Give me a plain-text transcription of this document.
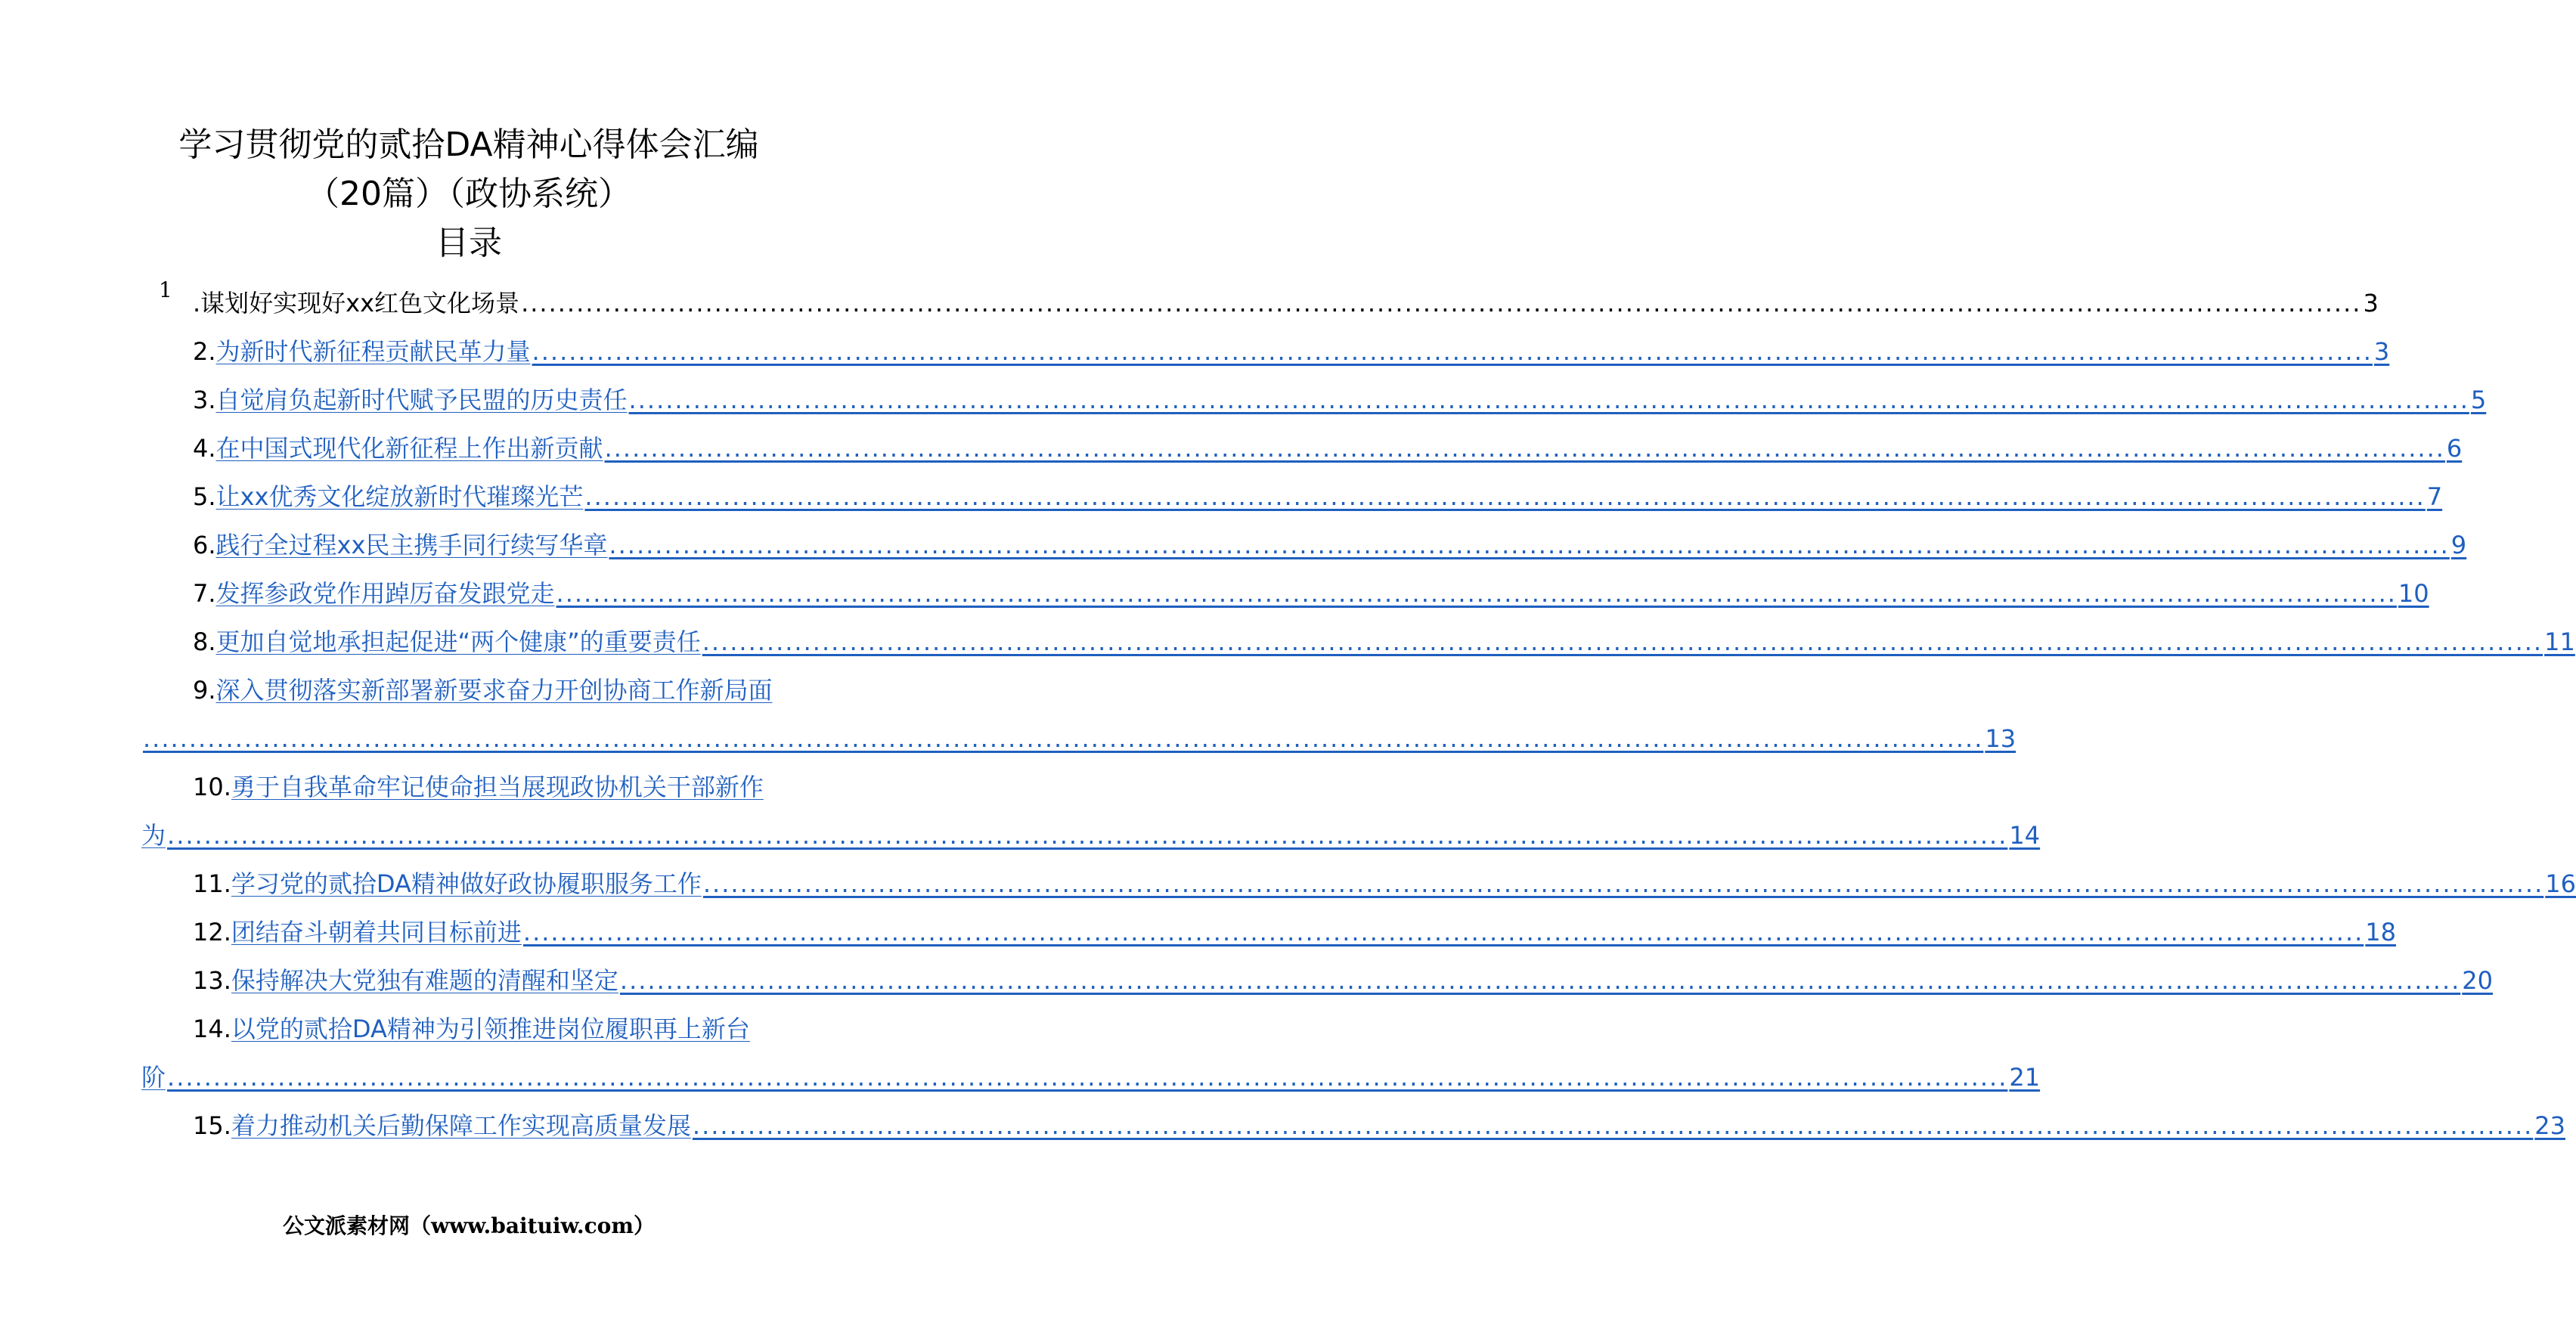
学习贯彻党的贰拾DA精神心得体会汇编
（20篇）（政协系统）
目录
1 . 谋划好实现好xx红色文化场景 ........................................................................................................................................................................................................ 3
2. 为新时代新征程贡献民革力量 ........................................................................................................................................................................................................ 3
3. 自觉肩负起新时代赋予民盟的历史责任 ........................................................................................................................................................................................................ 5
4. 在中国式现代化新征程上作出新贡献 ........................................................................................................................................................................................................ 6
5. 让xx优秀文化绽放新时代璀璨光芒 ........................................................................................................................................................................................................ 7
6. 践行全过程xx民主携手同行续写华章 ........................................................................................................................................................................................................ 9
7. 发挥参政党作用踔厉奋发跟党走 ........................................................................................................................................................................................................ 10
8. 更加自觉地承担起促进“两个健康”的重要责任 ........................................................................................................................................................................................................ 11
9. 深入贯彻落实新部署新要求奋力开创协商工作新局面
........................................................................................................................................................................................................ 13
10. 勇于自我革命牢记使命担当展现政协机关干部新作
为 ........................................................................................................................................................................................................ 14
11. 学习党的贰拾DA精神做好政协履职服务工作 ........................................................................................................................................................................................................ 16
12. 团结奋斗朝着共同目标前进 ........................................................................................................................................................................................................ 18
13. 保持解决大党独有难题的清醒和坚定 ........................................................................................................................................................................................................ 20
14. 以党的贰拾DA精神为引领推进岗位履职再上新台
阶 ........................................................................................................................................................................................................ 21
15. 着力推动机关后勤保障工作实现高质量发展 ........................................................................................................................................................................................................ 23
公文派素材网（www.baituiw.com）
